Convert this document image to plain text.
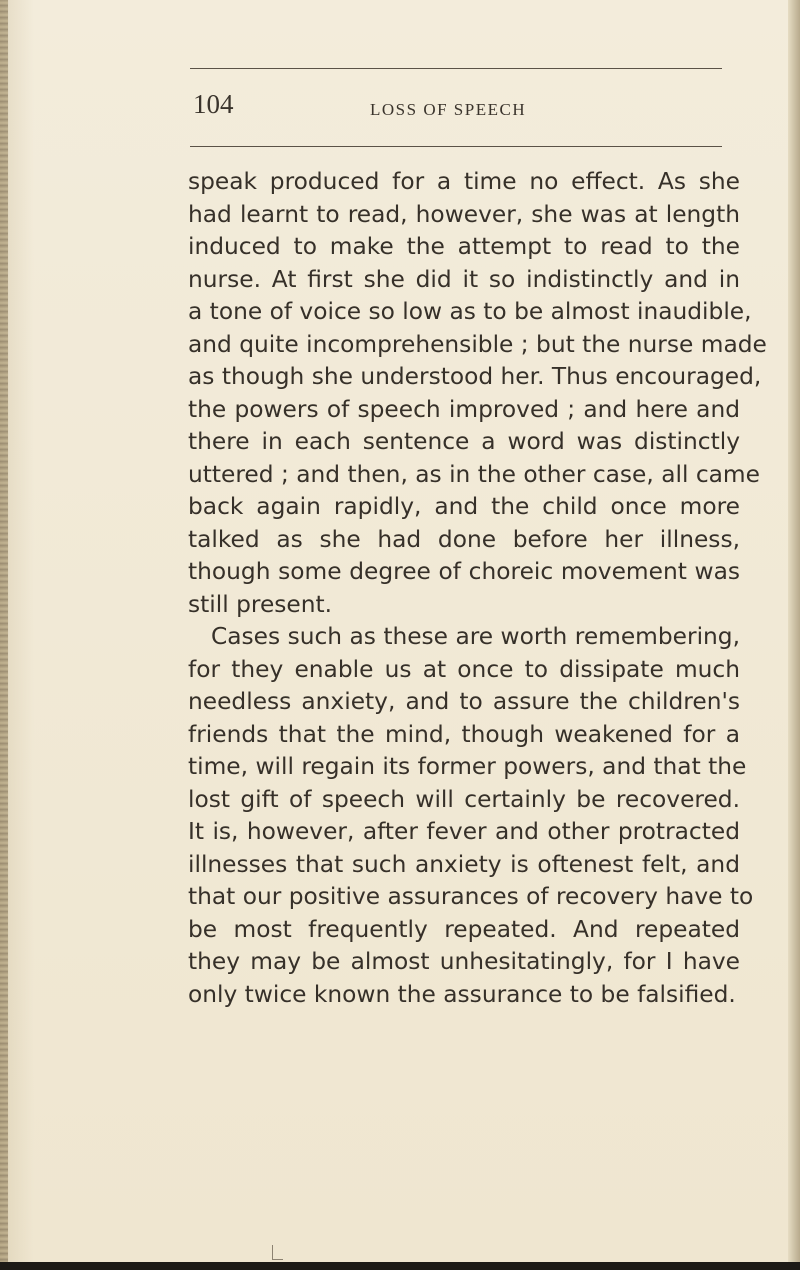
104	LOSS OF SPEECH
speak produced for a time no effect. As she
had learnt to read, however, she was at length
induced to make the attempt to read to the
nurse. At first she did it so indistinctly and in
a tone of voice so low as to be almost inaudible,
and quite incomprehensible ; but the nurse made
as though she understood her. Thus encouraged,
the powers of speech improved ; and here and
there in each sentence a word was distinctly
uttered ; and then, as in the other case, all came
back again rapidly, and the child once more
talked as she had done before her illness,
though some degree of choreic movement was
still present.
Cases such as these are worth remembering,
for they enable us at once to dissipate much
needless anxiety, and to assure the children's
friends that the mind, though weakened for a
time, will regain its former powers, and that the
lost gift of speech will certainly be recovered.
It is, however, after fever and other protracted
illnesses that such anxiety is oftenest felt, and
that our positive assurances of recovery have to
be most frequently repeated. And repeated
they may be almost unhesitatingly, for I have
only twice known the assurance to be falsified.
